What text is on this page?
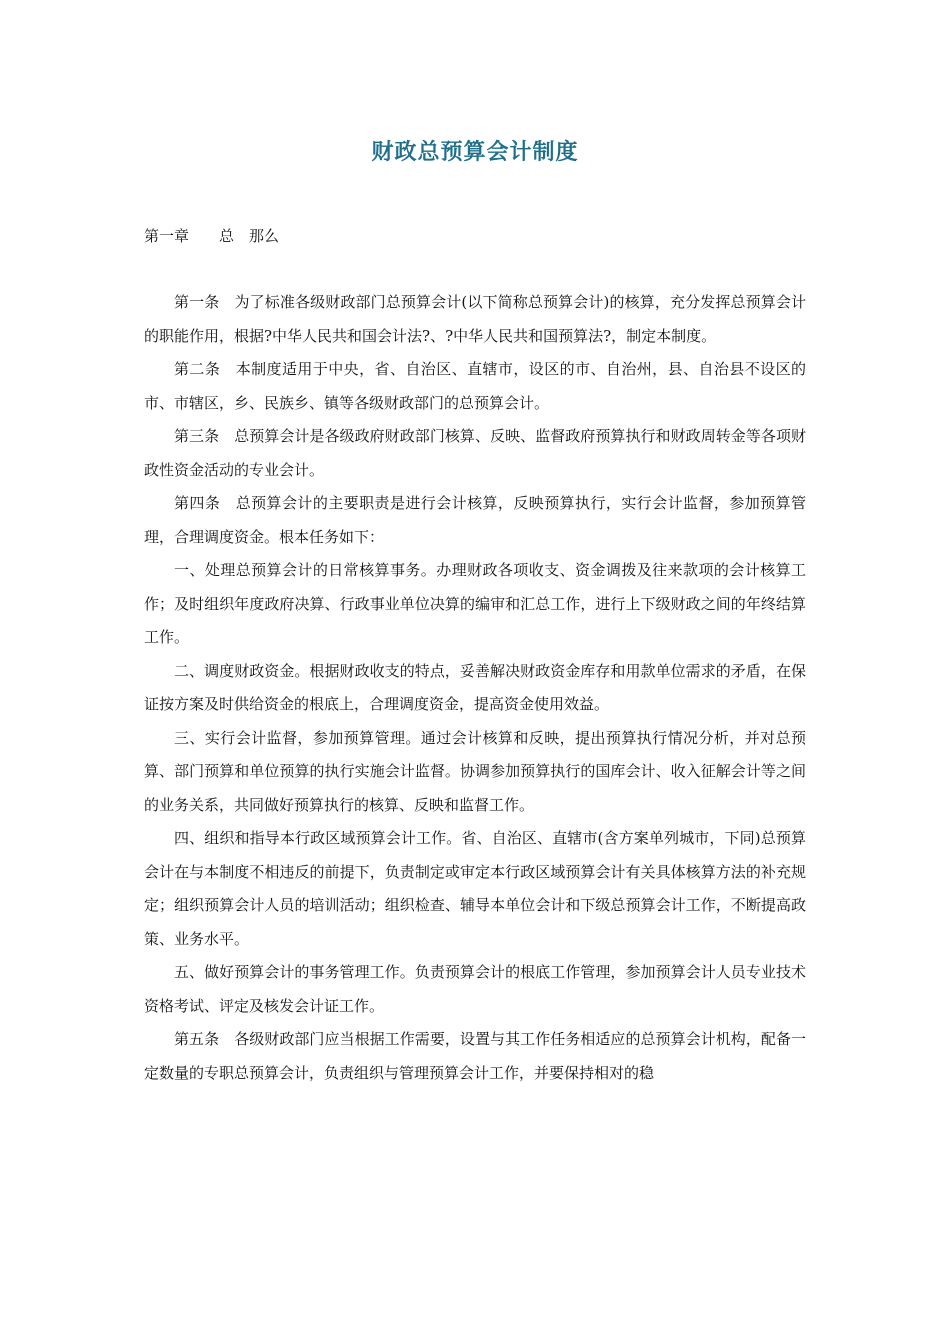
财政总预算会计制度
第一章　　总　那么

第一条　为了标准各级财政部门总预算会计(以下简称总预算会计)的核算，充分发挥总预算会计的职能作用，根据?中华人民共和国会计法?、?中华人民共和国预算法?，制定本制度。

第二条　本制度适用于中央，省、自治区、直辖市，设区的市、自治州，县、自治县不设区的市、市辖区，乡、民族乡、镇等各级财政部门的总预算会计。

第三条　总预算会计是各级政府财政部门核算、反映、监督政府预算执行和财政周转金等各项财政性资金活动的专业会计。

第四条　总预算会计的主要职责是进行会计核算，反映预算执行，实行会计监督，参加预算管理，合理调度资金。根本任务如下：

一、处理总预算会计的日常核算事务。办理财政各项收支、资金调拨及往来款项的会计核算工作；及时组织年度政府决算、行政事业单位决算的编审和汇总工作，进行上下级财政之间的年终结算工作。

二、调度财政资金。根据财政收支的特点，妥善解决财政资金库存和用款单位需求的矛盾，在保证按方案及时供给资金的根底上，合理调度资金，提高资金使用效益。

三、实行会计监督，参加预算管理。通过会计核算和反映，提出预算执行情况分析，并对总预算、部门预算和单位预算的执行实施会计监督。协调参加预算执行的国库会计、收入征解会计等之间的业务关系，共同做好预算执行的核算、反映和监督工作。

四、组织和指导本行政区域预算会计工作。省、自治区、直辖市(含方案单列城市，下同)总预算会计在与本制度不相违反的前提下，负责制定或审定本行政区域预算会计有关具体核算方法的补充规定；组织预算会计人员的培训活动；组织检查、辅导本单位会计和下级总预算会计工作，不断提高政策、业务水平。

五、做好预算会计的事务管理工作。负责预算会计的根底工作管理，参加预算会计人员专业技术资格考试、评定及核发会计证工作。

第五条　各级财政部门应当根据工作需要，设置与其工作任务相适应的总预算会计机构，配备一定数量的专职总预算会计，负责组织与管理预算会计工作，并要保持相对的稳
